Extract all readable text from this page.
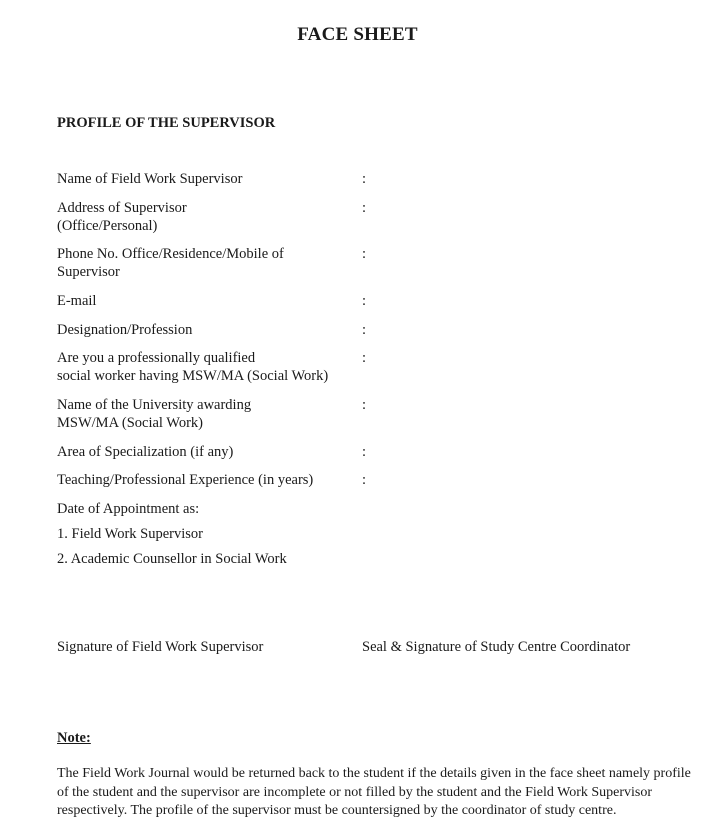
FACE SHEET
PROFILE OF THE SUPERVISOR
Name of Field Work Supervisor	:
Address of Supervisor
(Office/Personal)
:
Phone No. Office/Residence/Mobile of
Supervisor
:
E-mail	:
Designation/Profession	:
Are you a professionally qualified
social worker having MSW/MA (Social Work)
:
Name of the University awarding
MSW/MA (Social Work)
:
Area of Specialization (if any)	:
Teaching/Professional Experience (in years)	:
Date of Appointment as:
1. Field Work Supervisor
2. Academic Counsellor in Social Work
Signature of Field Work Supervisor	Seal & Signature of Study Centre Coordinator
Note:
The Field Work Journal would be returned back to the student if the details given in the face sheet namely profile
of the student and the supervisor are incomplete or not filled by the student and the Field Work Supervisor
respectively. The profile of the supervisor must be countersigned by the coordinator of study centre.
